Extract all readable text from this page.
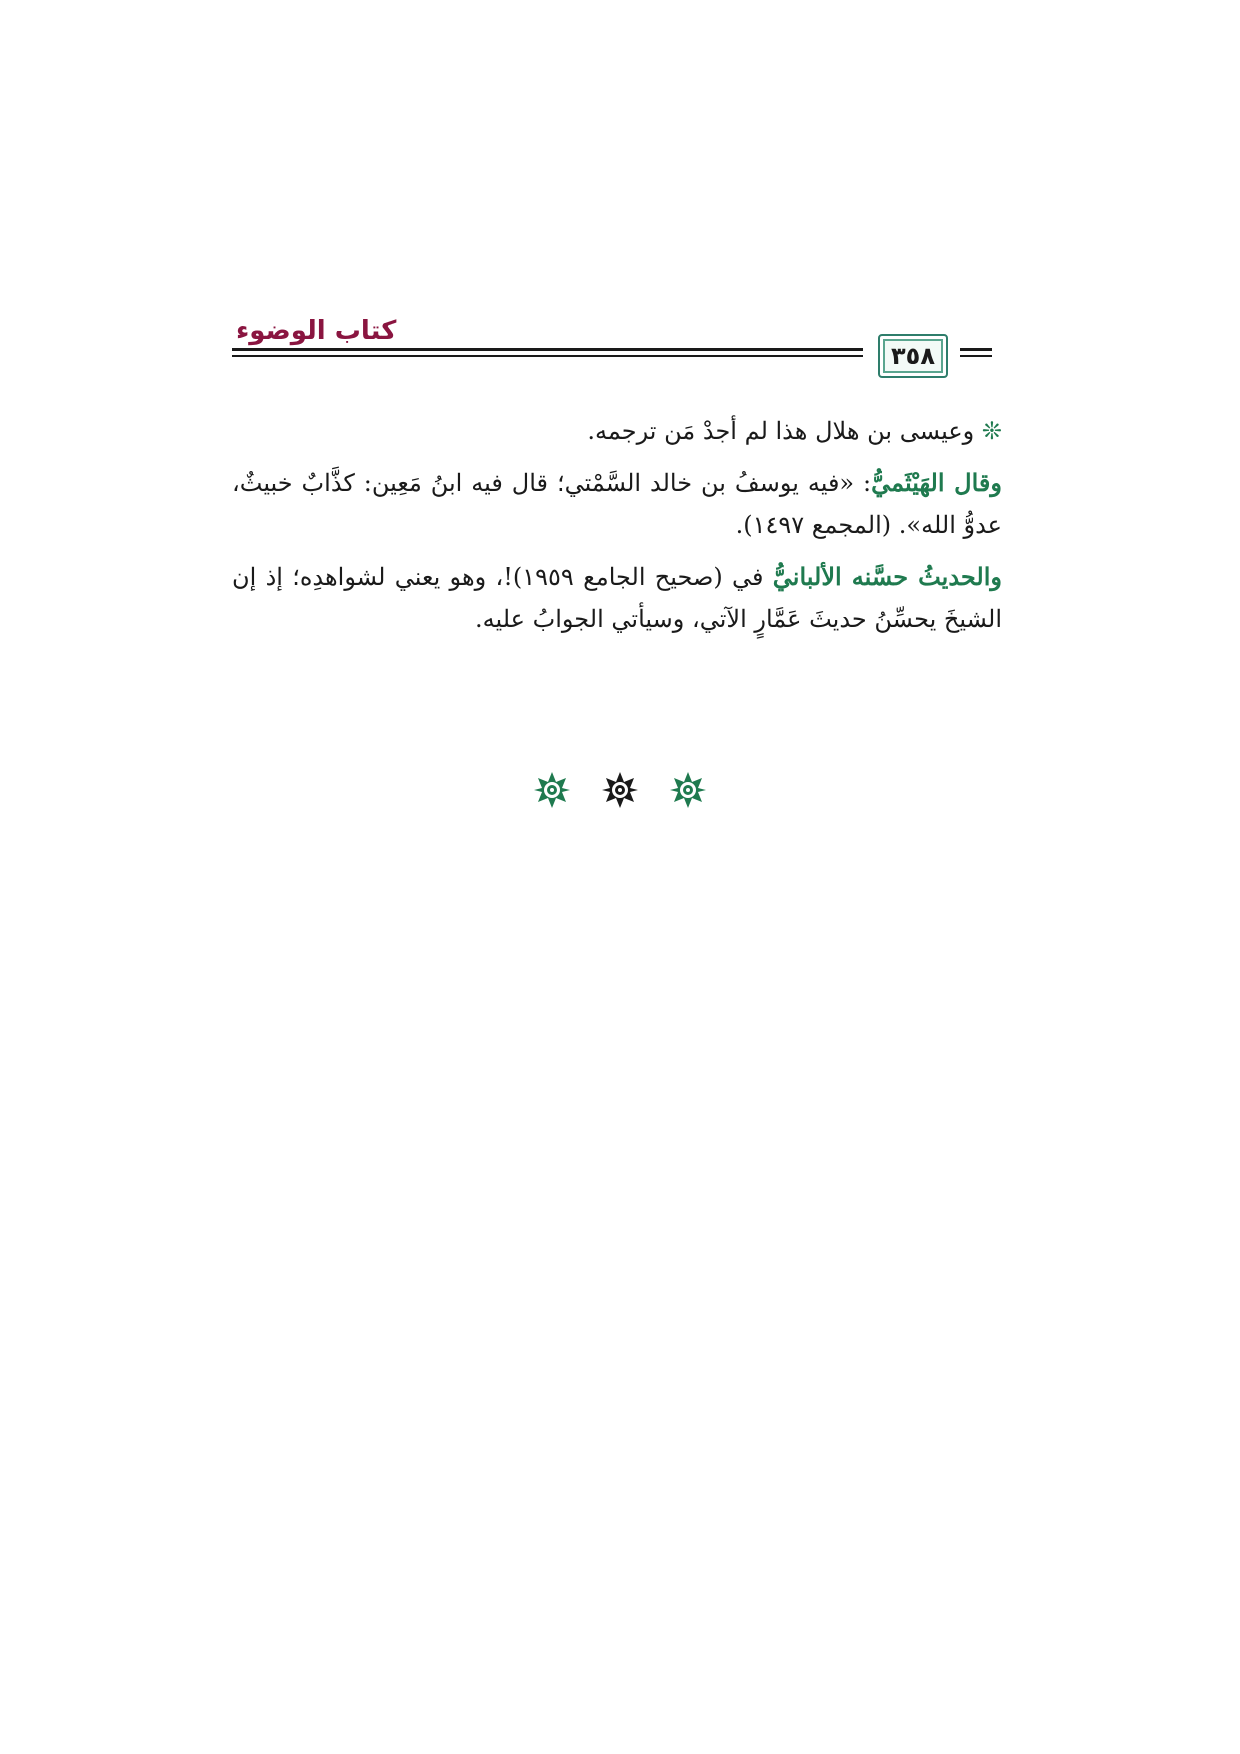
كتاب الوضوء
٣٥٨

❊ وعيسى بن هلال هذا لم أجدْ مَن ترجمه.

وقال الهَيْثَميُّ: «فيه يوسفُ بن خالد السَّمْتي؛ قال فيه ابنُ مَعِين: كذَّابٌ خبيثٌ، عدوُّ الله». (المجمع ١٤٩٧).

والحديثُ حسَّنه الألبانيُّ في (صحيح الجامع ١٩٥٩)!، وهو يعني لشواهدِه؛ إذ إن الشيخَ يحسِّنُ حديثَ عَمَّارٍ الآتي، وسيأتي الجوابُ عليه.
